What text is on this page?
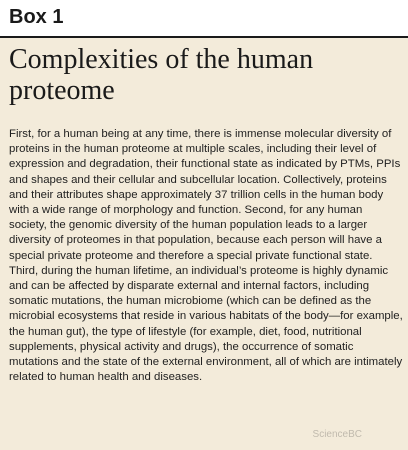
Box 1
Complexities of the human proteome

First, for a human being at any time, there is immense molecular diversity of proteins in the human proteome at multiple scales, including their level of expression and degradation, their functional state as indicated by PTMs, PPIs and shapes and their cellular and subcellular location. Collectively, proteins and their attributes shape approximately 37 trillion cells in the human body with a wide range of morphology and function. Second, for any human society, the genomic diversity of the human population leads to a larger diversity of proteomes in that population, because each person will have a special private proteome and therefore a special private functional state. Third, during the human lifetime, an individual’s proteome is highly dynamic and can be affected by disparate external and internal factors, including somatic mutations, the human microbiome (which can be defined as the microbial ecosystems that reside in various habitats of the body—for example, the human gut), the type of lifestyle (for example, diet, food, nutritional supplements, physical activity and drugs), the occurrence of somatic mutations and the state of the external environment, all of which are intimately related to human health and diseases.

ScienceBC
